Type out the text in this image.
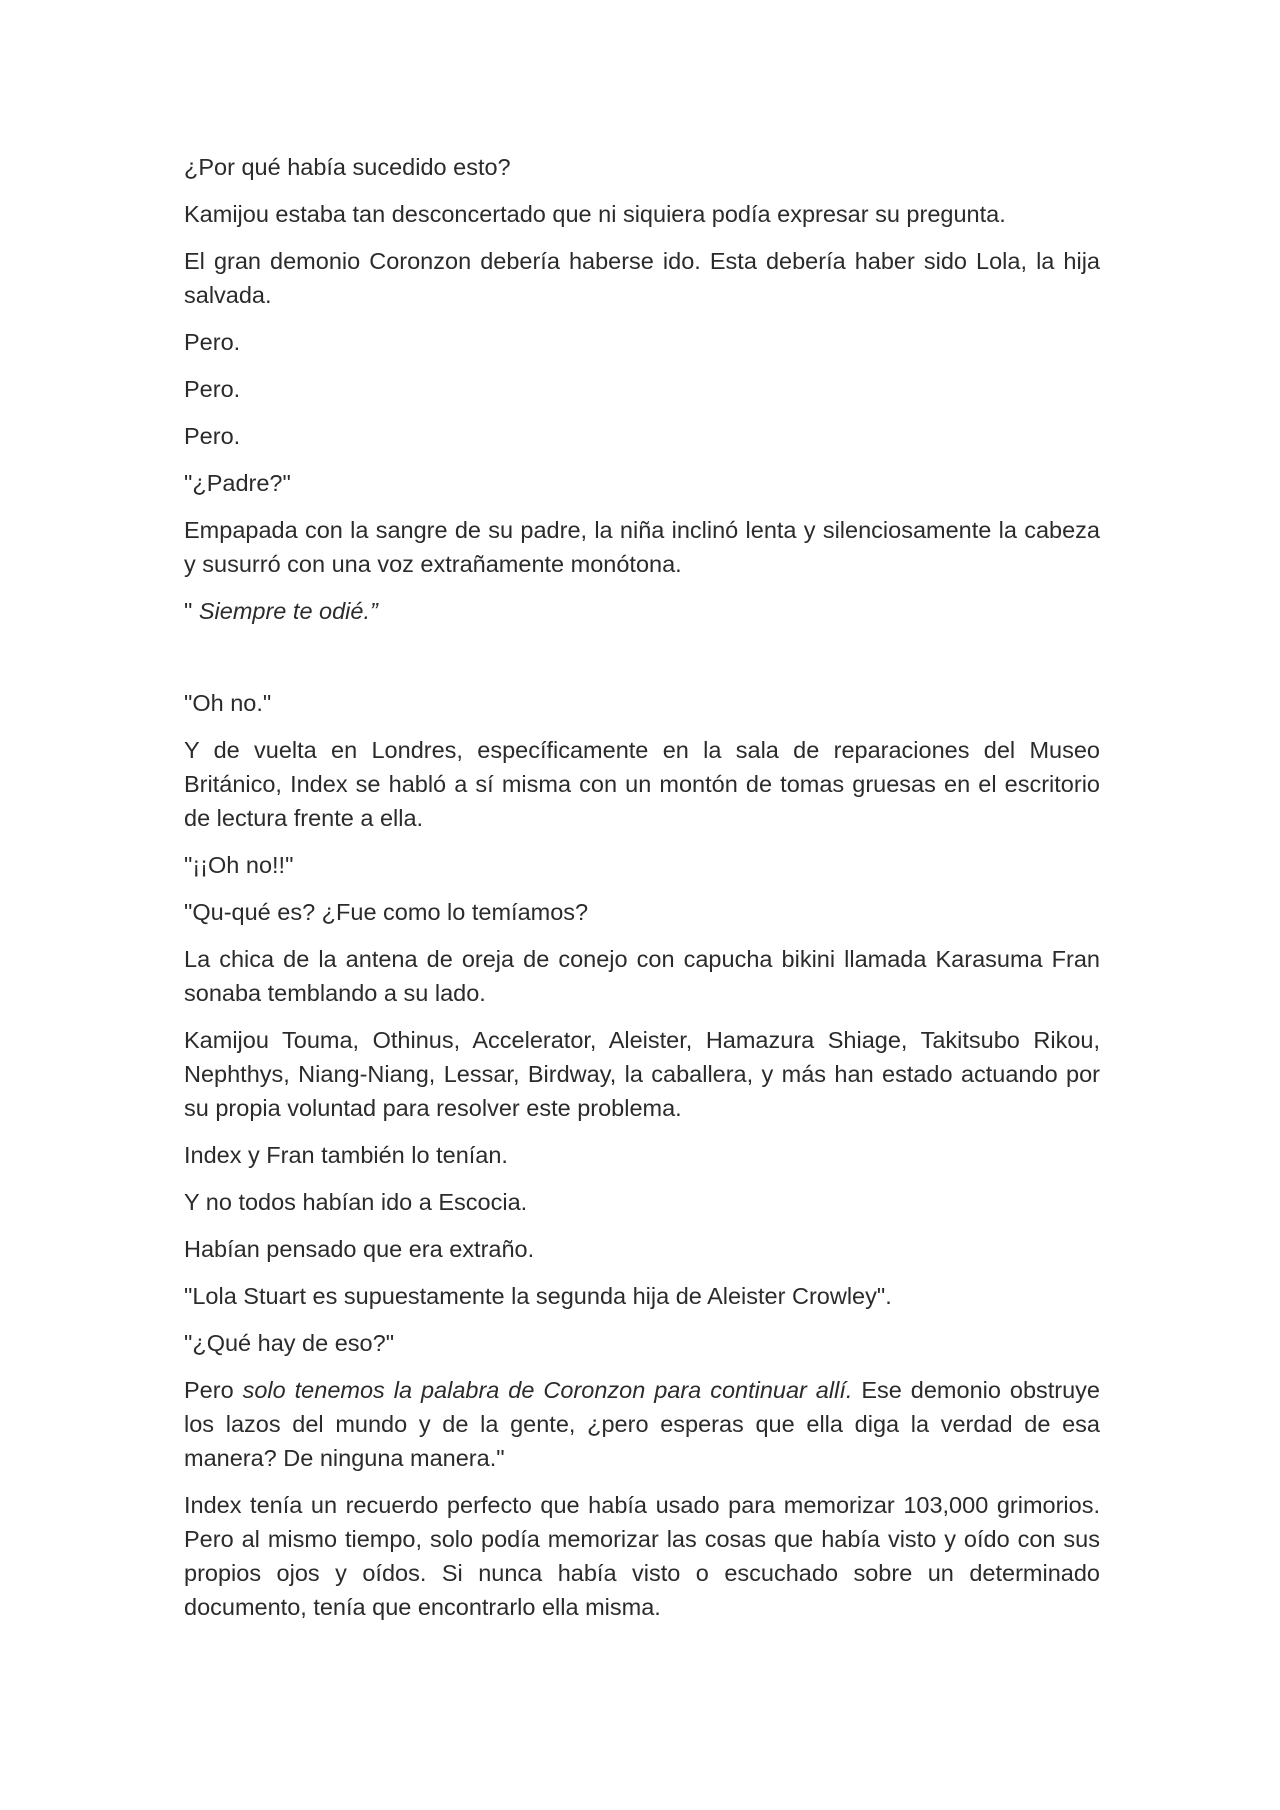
¿Por qué había sucedido esto?

Kamijou estaba tan desconcertado que ni siquiera podía expresar su pregunta.

El gran demonio Coronzon debería haberse ido. Esta debería haber sido Lola, la hija salvada.

Pero.

Pero.

Pero.

"¿Padre?"

Empapada con la sangre de su padre, la niña inclinó lenta y silenciosamente la cabeza y susurró con una voz extrañamente monótona.

" Siempre te odié.”

"Oh no."

Y de vuelta en Londres, específicamente en la sala de reparaciones del Museo Británico, Index se habló a sí misma con un montón de tomas gruesas en el escritorio de lectura frente a ella.

"¡¡Oh no!!"

"Qu-qué es? ¿Fue como lo temíamos?

La chica de la antena de oreja de conejo con capucha bikini llamada Karasuma Fran sonaba temblando a su lado.

Kamijou Touma, Othinus, Accelerator, Aleister, Hamazura Shiage, Takitsubo Rikou, Nephthys, Niang-Niang, Lessar, Birdway, la caballera, y más han estado actuando por su propia voluntad para resolver este problema.

Index y Fran también lo tenían.

Y no todos habían ido a Escocia.

Habían pensado que era extraño.

"Lola Stuart es supuestamente la segunda hija de Aleister Crowley".

"¿Qué hay de eso?"

Pero solo tenemos la palabra de Coronzon para continuar allí. Ese demonio obstruye los lazos del mundo y de la gente, ¿pero esperas que ella diga la verdad de esa manera? De ninguna manera."

Index tenía un recuerdo perfecto que había usado para memorizar 103,000 grimorios. Pero al mismo tiempo, solo podía memorizar las cosas que había visto y oído con sus propios ojos y oídos. Si nunca había visto o escuchado sobre un determinado documento, tenía que encontrarlo ella misma.
